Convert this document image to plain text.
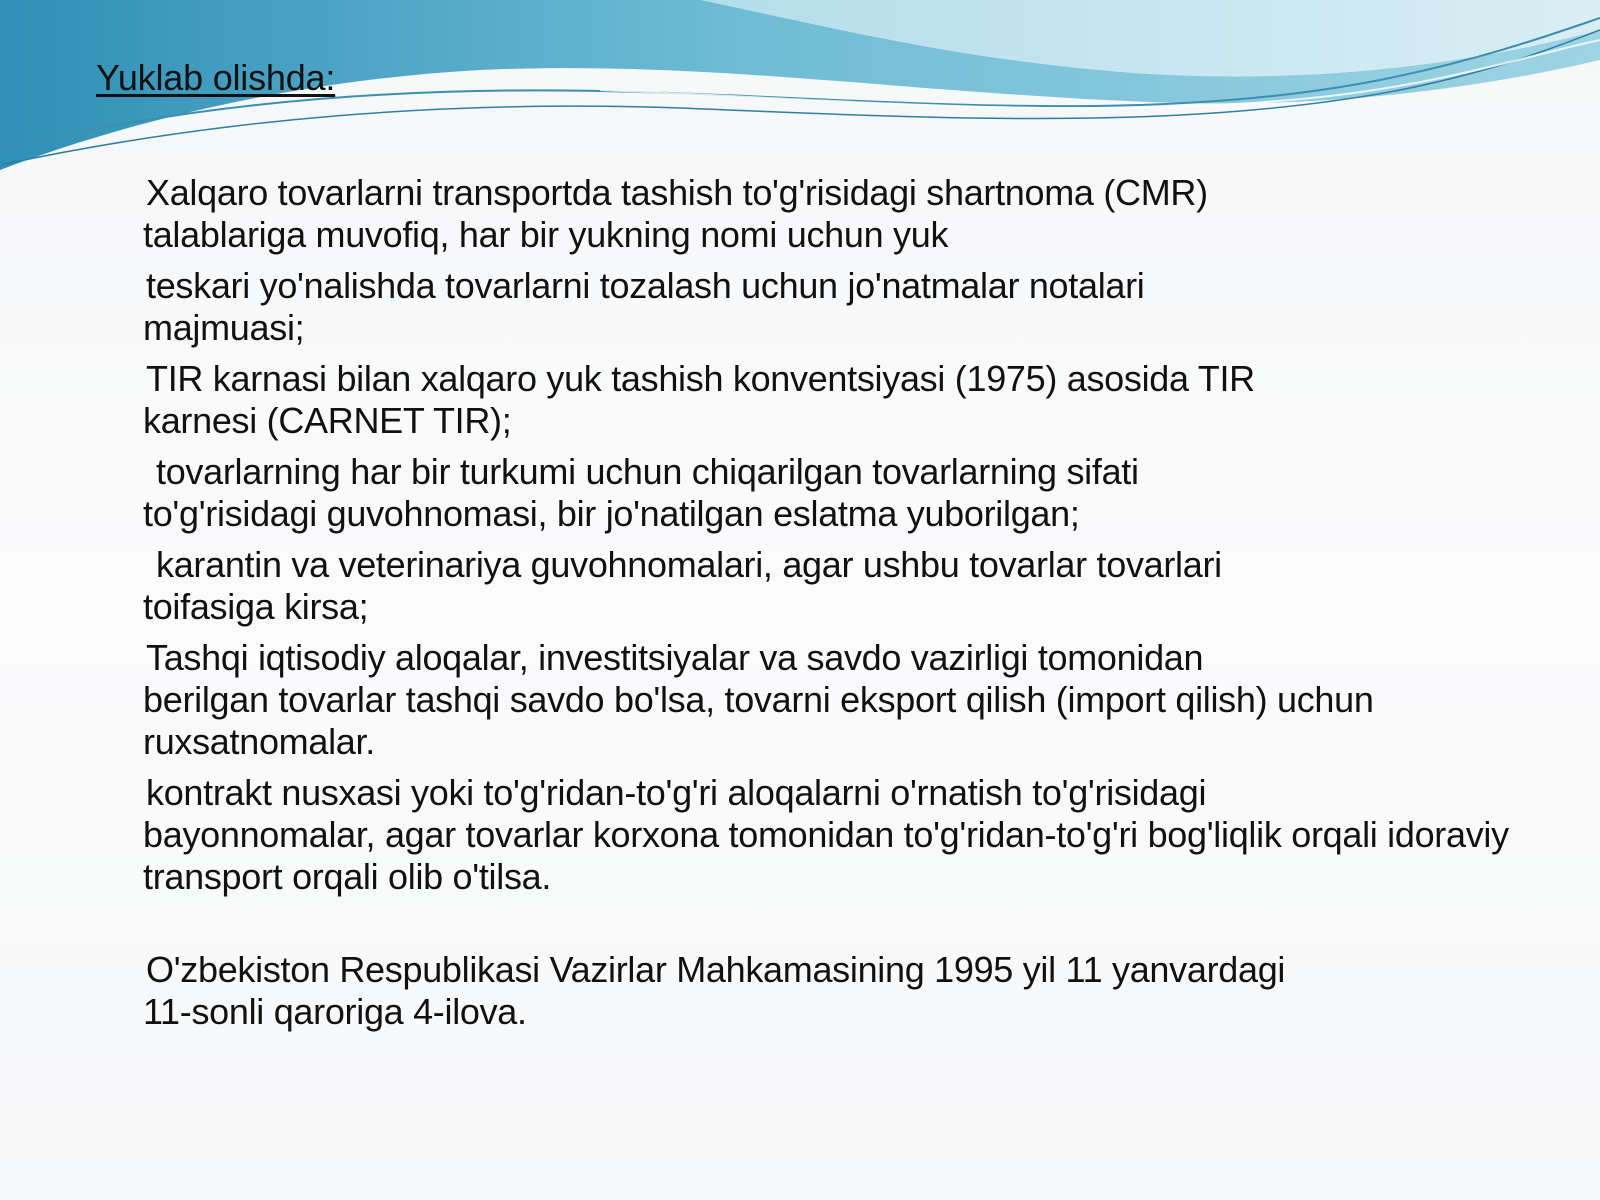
Yuklab olishda:
Xalqaro tovarlarni transportda tashish to'g'risidagi shartnoma (CMR)
talablariga muvofiq, har bir yukning nomi uchun yuk
teskari yo'nalishda tovarlarni tozalash uchun jo'natmalar notalari
majmuasi;
TIR karnasi bilan xalqaro yuk tashish konventsiyasi (1975) asosida TIR
karnesi (CARNET TIR);
tovarlarning har bir turkumi uchun chiqarilgan tovarlarning sifati
to'g'risidagi guvohnomasi, bir jo'natilgan eslatma yuborilgan;
karantin va veterinariya guvohnomalari, agar ushbu tovarlar tovarlari
toifasiga kirsa;
Tashqi iqtisodiy aloqalar, investitsiyalar va savdo vazirligi tomonidan
berilgan tovarlar tashqi savdo bo'lsa, tovarni eksport qilish (import qilish) uchun ruxsatnomalar.
kontrakt nusxasi yoki to'g'ridan-to'g'ri aloqalarni o'rnatish to'g'risidagi
bayonnomalar, agar tovarlar korxona tomonidan to'g'ridan-to'g'ri bog'liqlik orqali idoraviy transport orqali olib o'tilsa.
O'zbekiston Respublikasi Vazirlar Mahkamasining 1995 yil 11 yanvardagi
11-sonli qaroriga 4-ilova.
